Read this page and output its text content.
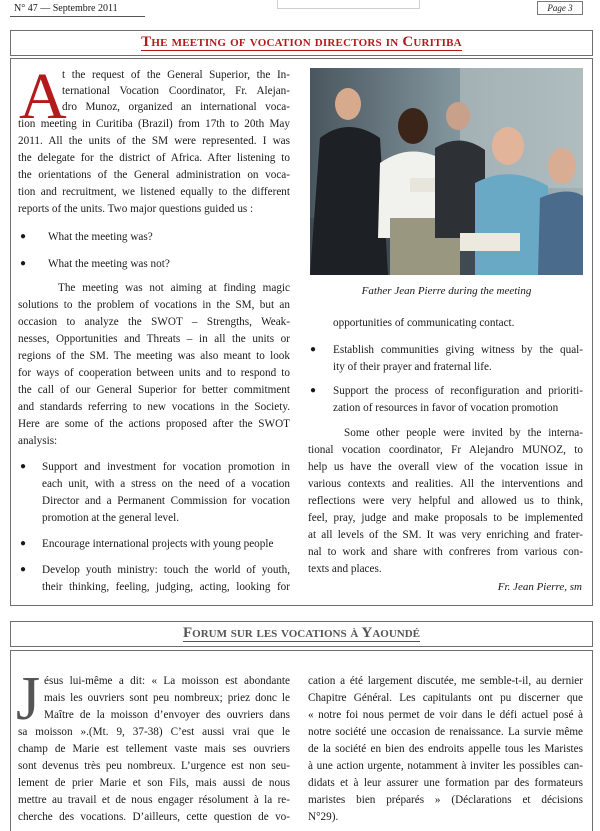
N° 47 — Septembre 2011	Page 3
The meeting of vocation directors in Curitiba
A
t the request of the General Superior, the In-
ternational Vocation Coordinator, Fr. Alejan-
dro Munoz, organized an international voca-
tion meeting in Curitiba (Brazil) from 17th to 20th May
2011. All the units of the SM were represented. I was
the delegate for the district of Africa. After listening to
the orientations of the General administration on voca-
tion and recruitment, we listened equally to the different
reports of the units. Two major questions guided us :
● What the meeting was?
● What the meeting was not?
The meeting was not aiming at finding magic
solutions to the problem of vocations in the SM, but an
occasion to analyze the SWOT – Strengths, Weak-
nesses, Opportunities and Threats – in all the units or
regions of the SM. The meeting was also meant to look
for ways of cooperation between units and to respond to
the call of our General Superior for better commitment
and standards referring to new vocations in the Society.
Here are some of the actions proposed after the SWOT
analysis:
● Support and investment for vocation promotion in
each unit, with a stress on the need of a vocation
Director and a Permanent Commission for vocation
promotion at the general level.
● Encourage international projects with young people
● Develop youth ministry: touch the world of youth,
their thinking, feeling, judging, acting, looking for
Father Jean Pierre during the meeting
opportunities of communicating contact.
● Establish communities giving witness by the qual-
ity of their prayer and fraternal life.
● Support the process of reconfiguration and prioriti-
zation of resources in favor of vocation promotion
Some other people were invited by the interna-
tional vocation coordinator, Fr Alejandro MUNOZ, to
help us have the overall view of the vocation issue in
various contexts and realities. All the interventions and
reflections were very helpful and allowed us to think,
feel, pray, judge and make proposals to be implemented
at all levels of the SM. It was very enriching and frater-
nal to work and share with confreres from various con-
texts and places.
Fr. Jean Pierre, sm
Forum sur les vocations à Yaoundé
J ésus lui-même a dit: « La moisson est abondante
mais les ouvriers sont peu nombreux; priez donc le
Maître de la moisson d’envoyer des ouvriers dans
sa moisson ».(Mt. 9, 37-38) C’est aussi vrai que le
champ de Marie est tellement vaste mais ses ouvriers
sont devenus très peu nombreux. L’urgence est non seu-
lement de prier Marie et son Fils, mais aussi de nous
mettre au travail et de nous engager résolument à la re-
cherche des vocations. D’ailleurs, cette question de vo-
cation a été largement discutée, me semble-t-il, au dernier
Chapitre Général. Les capitulants ont pu discerner que
« notre foi nous permet de voir dans le défi actuel posé à
notre société une occasion de renaissance. La survie même
de la société en bien des endroits appelle tous les Maristes
à une action urgente, notamment à inviter les possibles can-
didats et à leur assurer une formation par des formateurs
maristes bien préparés » (Déclarations et décisions
N°29).
